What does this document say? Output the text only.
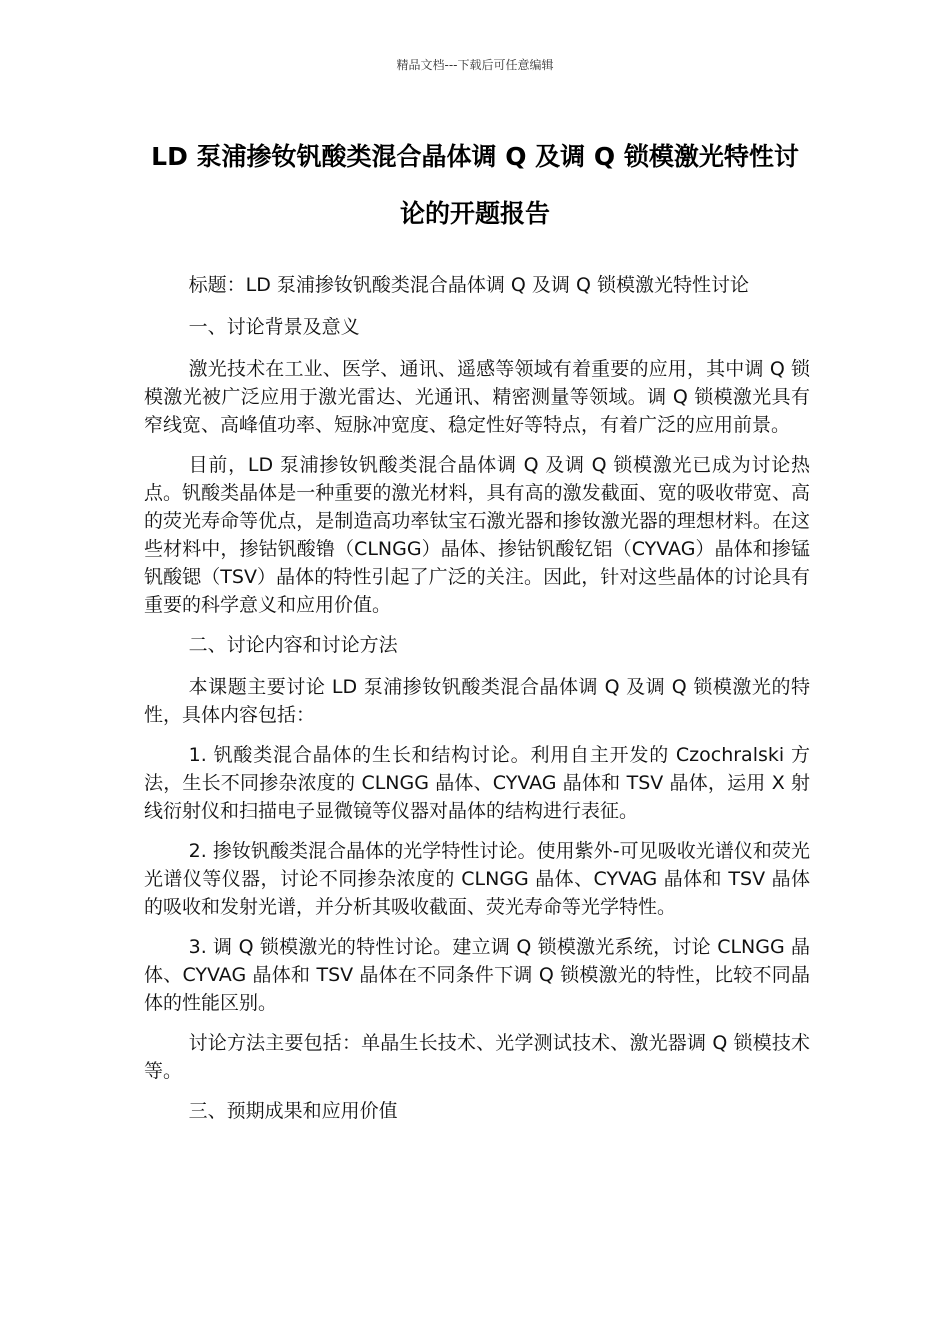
精品文档---下载后可任意编辑
LD 泵浦掺钕钒酸类混合晶体调 Q 及调 Q 锁模激光特性讨论的开题报告

标题：LD 泵浦掺钕钒酸类混合晶体调 Q 及调 Q 锁模激光特性讨论

一、讨论背景及意义

激光技术在工业、医学、通讯、遥感等领域有着重要的应用，其中调 Q 锁模激光被广泛应用于激光雷达、光通讯、精密测量等领域。调 Q 锁模激光具有窄线宽、高峰值功率、短脉冲宽度、稳定性好等特点，有着广泛的应用前景。

目前，LD 泵浦掺钕钒酸类混合晶体调 Q 及调 Q 锁模激光已成为讨论热点。钒酸类晶体是一种重要的激光材料，具有高的激发截面、宽的吸收带宽、高的荧光寿命等优点，是制造高功率钛宝石激光器和掺钕激光器的理想材料。在这些材料中，掺钴钒酸镥（CLNGG）晶体、掺钴钒酸钇铝（CYVAG）晶体和掺锰钒酸锶（TSV）晶体的特性引起了广泛的关注。因此，针对这些晶体的讨论具有重要的科学意义和应用价值。

二、讨论内容和讨论方法

本课题主要讨论 LD 泵浦掺钕钒酸类混合晶体调 Q 及调 Q 锁模激光的特性，具体内容包括：

1. 钒酸类混合晶体的生长和结构讨论。利用自主开发的 Czochralski 方法，生长不同掺杂浓度的 CLNGG 晶体、CYVAG 晶体和 TSV 晶体，运用 X 射线衍射仪和扫描电子显微镜等仪器对晶体的结构进行表征。

2. 掺钕钒酸类混合晶体的光学特性讨论。使用紫外-可见吸收光谱仪和荧光光谱仪等仪器，讨论不同掺杂浓度的 CLNGG 晶体、CYVAG 晶体和 TSV 晶体的吸收和发射光谱，并分析其吸收截面、荧光寿命等光学特性。

3. 调 Q 锁模激光的特性讨论。建立调 Q 锁模激光系统，讨论 CLNGG 晶体、CYVAG 晶体和 TSV 晶体在不同条件下调 Q 锁模激光的特性，比较不同晶体的性能区别。

讨论方法主要包括：单晶生长技术、光学测试技术、激光器调 Q 锁模技术等。

三、预期成果和应用价值
